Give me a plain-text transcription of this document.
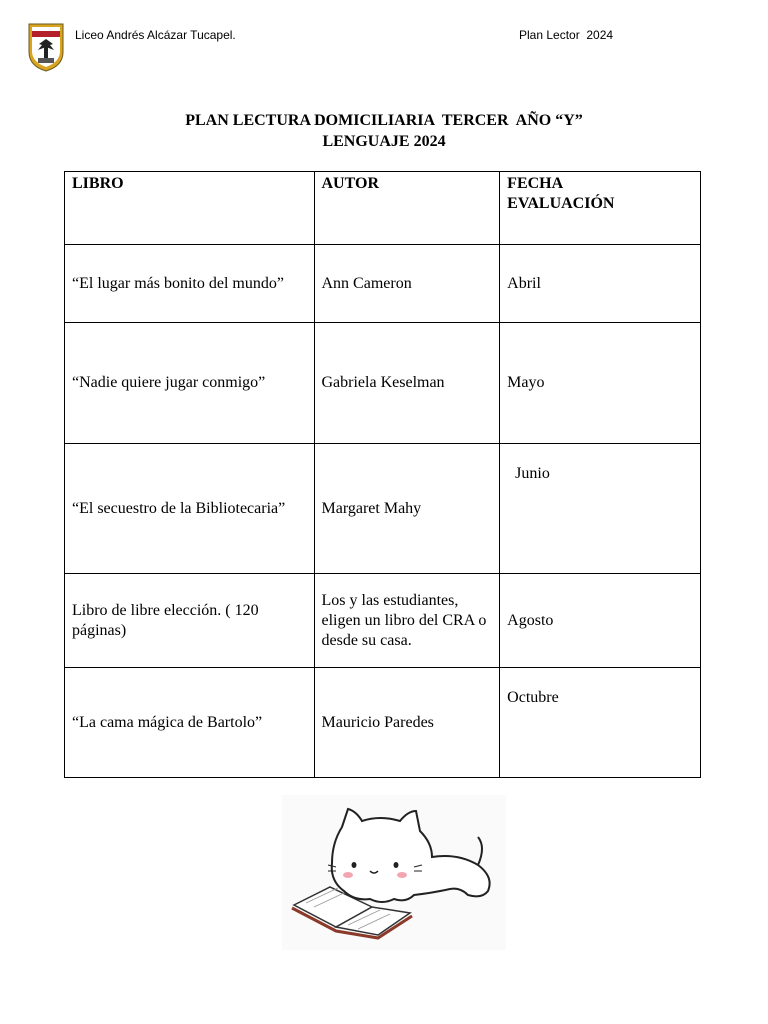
Liceo Andrés Alcázar Tucapel.	Plan Lector  2024
PLAN LECTURA DOMICILIARIA  TERCER  AÑO “Y”
LENGUAJE 2024
LIBRO	AUTOR	FECHA EVALUACIÓN

“El lugar más bonito del mundo”	Ann Cameron	Abril
“Nadie quiere jugar conmigo”	Gabriela Keselman	Mayo
“El secuestro de la Bibliotecaria”	Margaret Mahy	Junio
Libro de libre elección. ( 120 páginas)	Los y las estudiantes, eligen un libro del CRA o desde su casa.	Agosto
“La cama mágica de Bartolo”	Mauricio Paredes	Octubre
